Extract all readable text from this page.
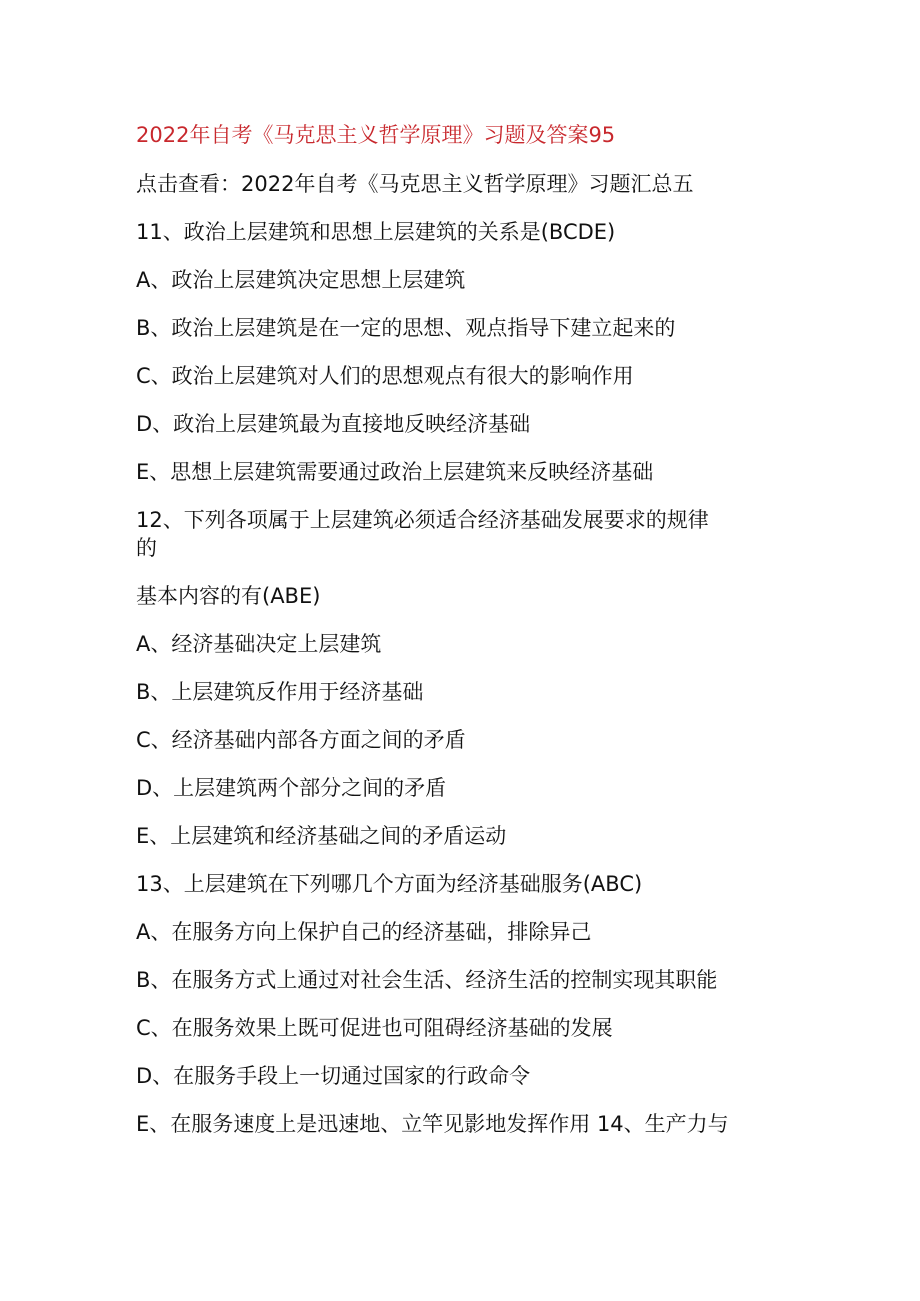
2022年自考《马克思主义哲学原理》习题及答案95

点击查看：2022年自考《马克思主义哲学原理》习题汇总五

11、政治上层建筑和思想上层建筑的关系是(BCDE)

A、政治上层建筑决定思想上层建筑

B、政治上层建筑是在一定的思想、观点指导下建立起来的

C、政治上层建筑对人们的思想观点有很大的影响作用

D、政治上层建筑最为直接地反映经济基础

E、思想上层建筑需要通过政治上层建筑来反映经济基础

12、下列各项属于上层建筑必须适合经济基础发展要求的规律

的

基本内容的有(ABE)

A、经济基础决定上层建筑

B、上层建筑反作用于经济基础

C、经济基础内部各方面之间的矛盾

D、上层建筑两个部分之间的矛盾

E、上层建筑和经济基础之间的矛盾运动

13、上层建筑在下列哪几个方面为经济基础服务(ABC)

A、在服务方向上保护自己的经济基础，排除异己

B、在服务方式上通过对社会生活、经济生活的控制实现其职能

C、在服务效果上既可促进也可阻碍经济基础的发展

D、在服务手段上一切通过国家的行政命令

E、在服务速度上是迅速地、立竿见影地发挥作用 14、生产力与
